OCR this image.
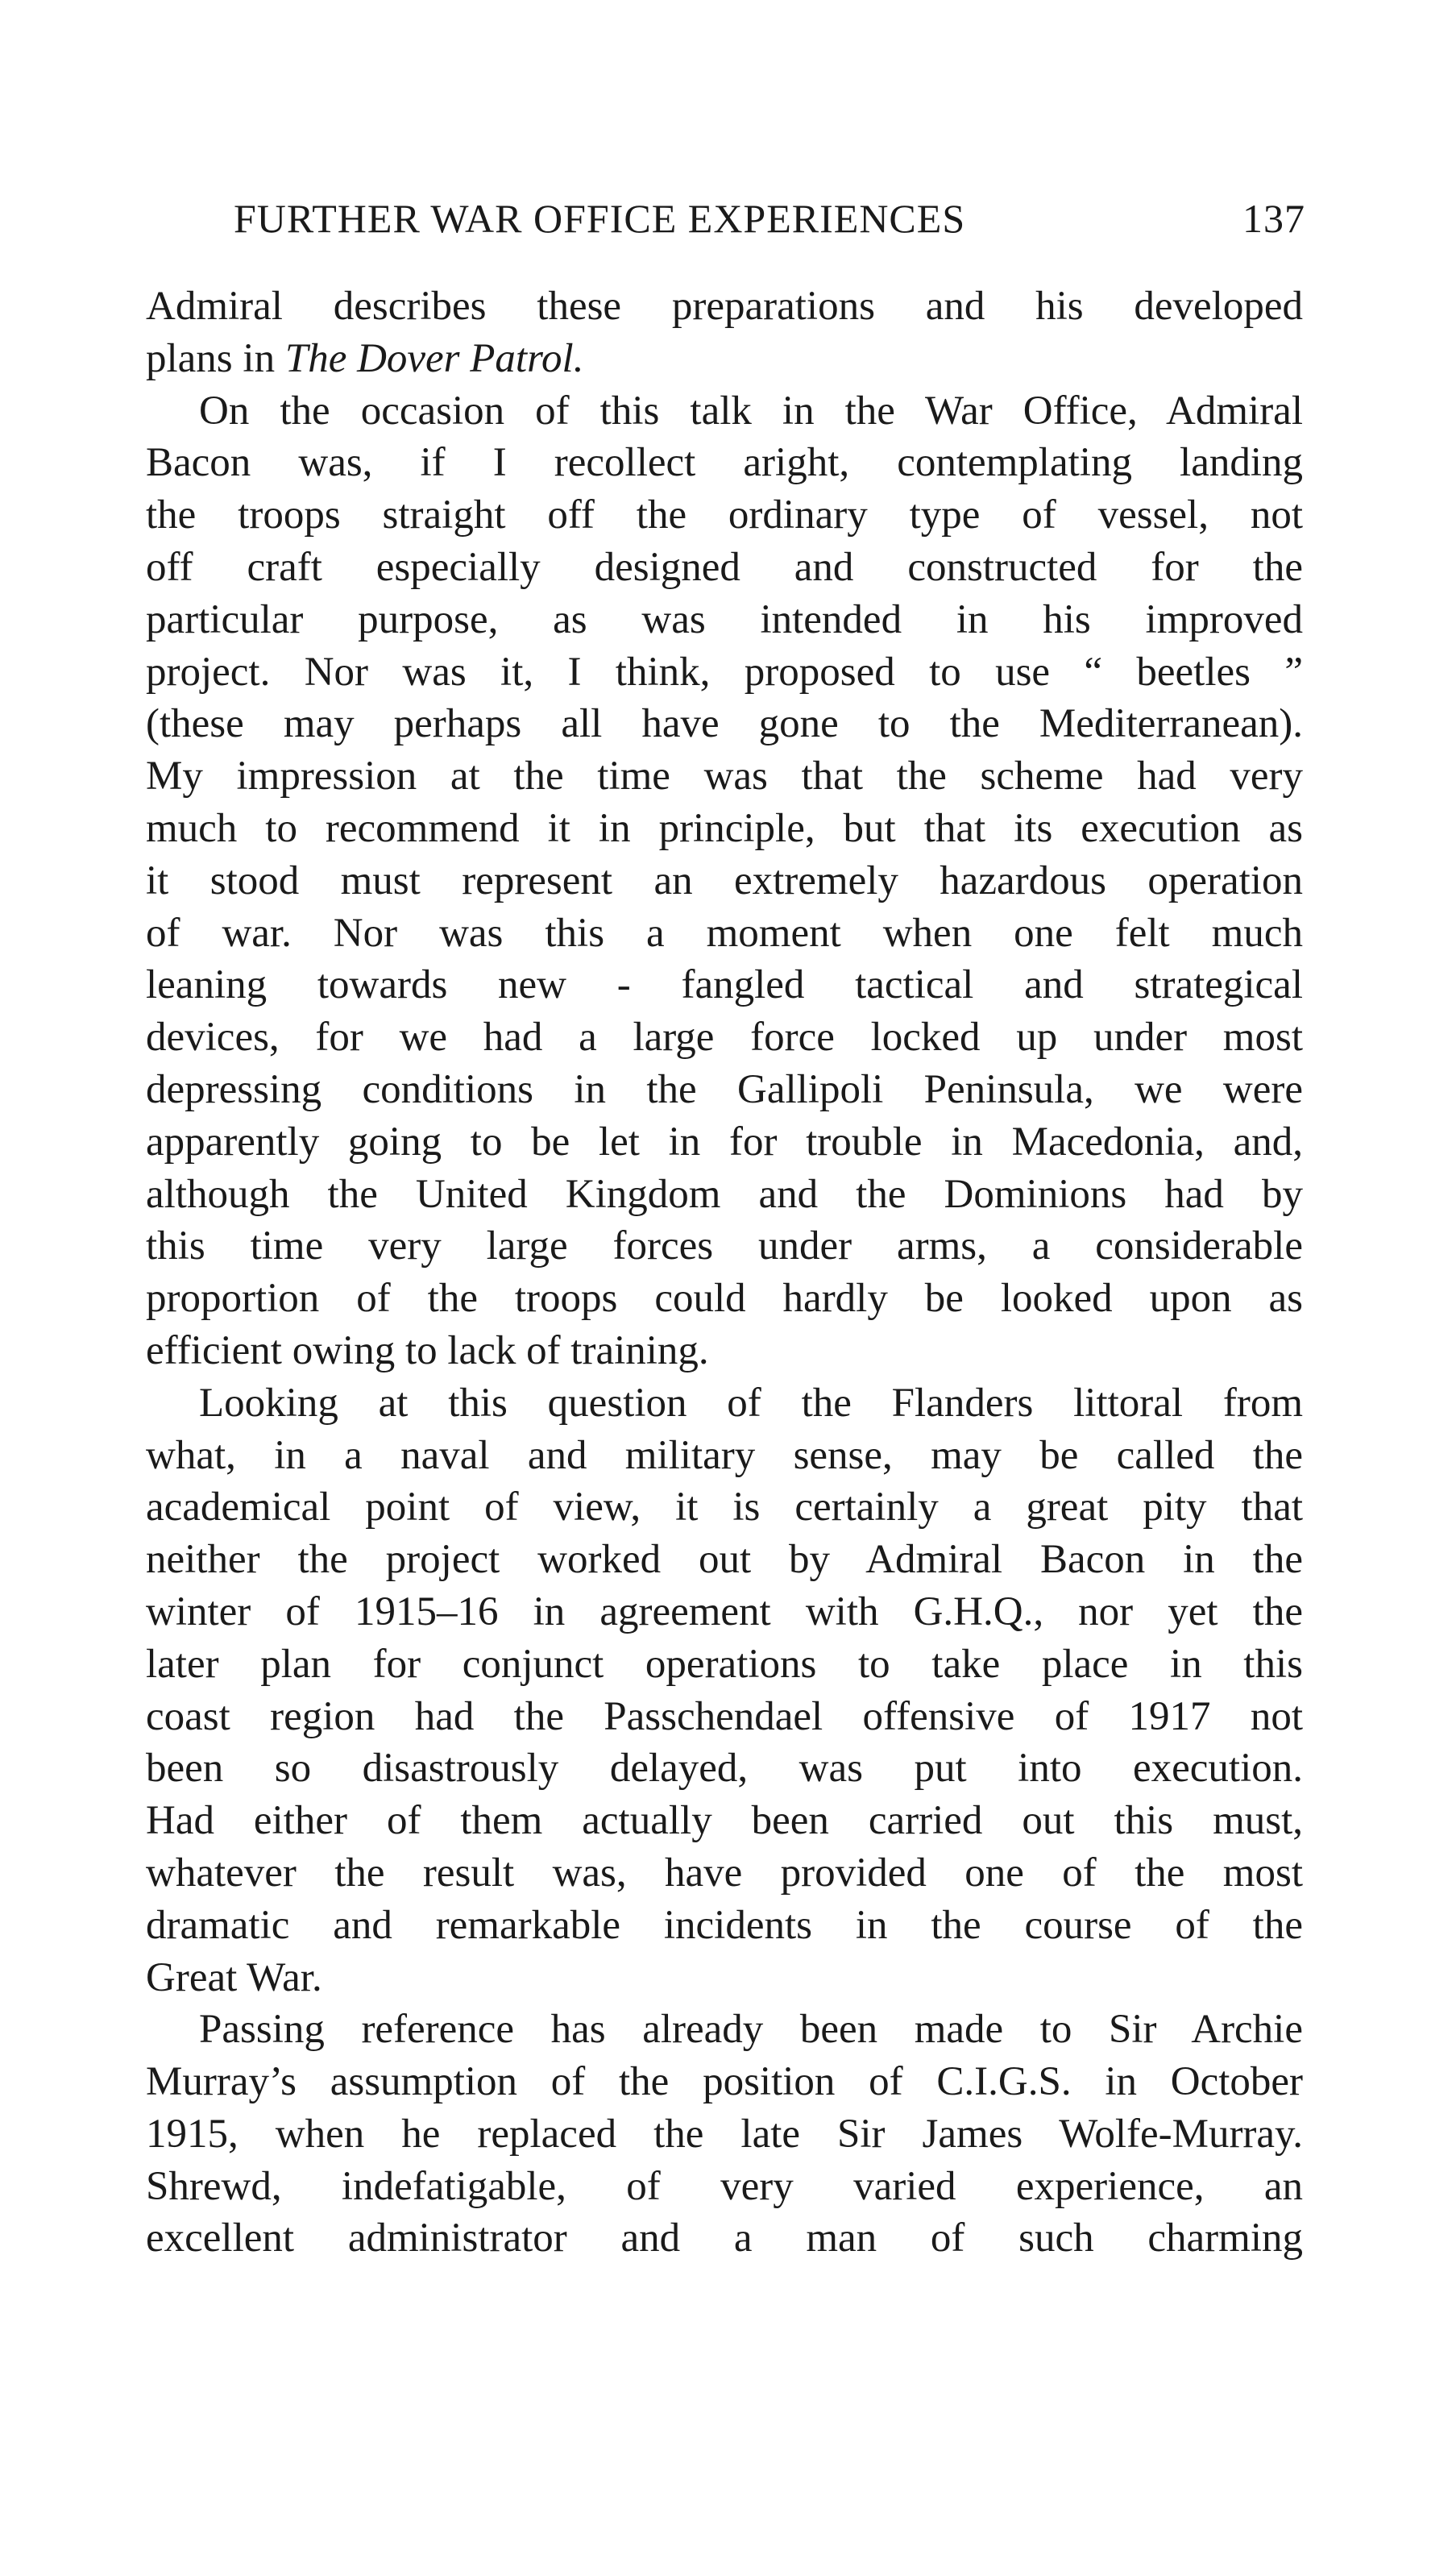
FURTHER WAR OFFICE EXPERIENCES	137
Admiral describes these preparations and his developed
plans in The Dover Patrol.
On the occasion of this talk in the War Office, Admiral
Bacon was, if I recollect aright, contemplating landing
the troops straight off the ordinary type of vessel, not
off craft especially designed and constructed for the
particular purpose, as was intended in his improved
project. Nor was it, I think, proposed to use “ beetles ”
(these may perhaps all have gone to the Mediterranean).
My impression at the time was that the scheme had very
much to recommend it in principle, but that its execution as
it stood must represent an extremely hazardous operation
of war. Nor was this a moment when one felt much
leaning towards new - fangled tactical and strategical
devices, for we had a large force locked up under most
depressing conditions in the Gallipoli Peninsula, we were
apparently going to be let in for trouble in Macedonia, and,
although the United Kingdom and the Dominions had by
this time very large forces under arms, a considerable
proportion of the troops could hardly be looked upon as
efficient owing to lack of training.
Looking at this question of the Flanders littoral from
what, in a naval and military sense, may be called the
academical point of view, it is certainly a great pity that
neither the project worked out by Admiral Bacon in the
winter of 1915–16 in agreement with G.H.Q., nor yet the
later plan for conjunct operations to take place in this
coast region had the Passchendael offensive of 1917 not
been so disastrously delayed, was put into execution.
Had either of them actually been carried out this must,
whatever the result was, have provided one of the most
dramatic and remarkable incidents in the course of the
Great War.
Passing reference has already been made to Sir Archie
Murray’s assumption of the position of C.I.G.S. in October
1915, when he replaced the late Sir James Wolfe-Murray.
Shrewd, indefatigable, of very varied experience, an
excellent administrator and a man of such charming
